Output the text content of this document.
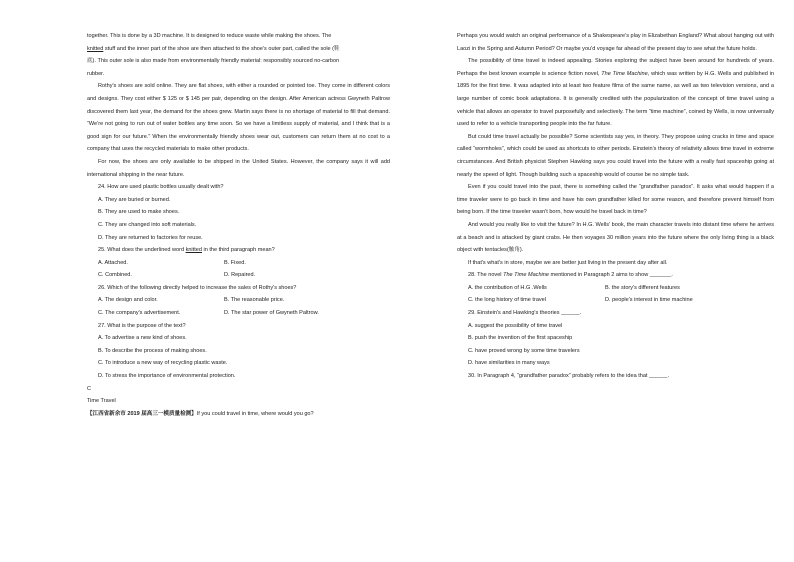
together. This is done by a 3D machine. It is designed to reduce waste while making the shoes. The

knitted stuff and the inner part of the shoe are then attached to the shoe's outer part, called the sole (鞋

底). This outer sole is also made from environmentally friendly material: responsibly sourced no-carbon

rubber.

Rothy's shoes are sold online. They are flat shoes, with either a rounded or pointed toe. They come in different colors and designs. They cost either $ 125 or $ 145 per pair, depending on the design. After American actress Gwyneth Paltrow discovered them last year, the demand for the shoes grew. Martin says there is no shortage of material to fill that demand. “We’re not going to run out of water bottles any time soon. So we have a limitless supply of material, and I think that is a good sign for our future.” When the environmentally friendly shoes wear out, customers can return them at no cost to a company that uses the recycled materials to make other products.

For now, the shoes are only available to be shipped in the United States. However, the company says it will add international shipping in the near future.

24. How are used plastic bottles usually dealt with?

A. They are buried or burned.

B. They are used to make shoes.

C. They are changed into soft materials.

D. They are returned to factories for reuse.

25. What does the underlined word knitted in the third paragraph mean?

A. Attached.	B. Fixed.
C. Combined.	D. Repaired.

26. Which of the following directly helped to increase the sales of Rothy's shoes?

A. The design and color.	B. The reasonable price.
C. The company's advertisement.	D. The star power of Gwyneth Paltrow.

27. What is the purpose of the text?

A. To advertise a new kind of shoes.

B. To describe the process of making shoes.

C. To introduce a new way of recycling plastic waste.

D. To stress the importance of environmental protection.

C

Time Travel

【江西省新余市 2019 届高三一模质量检测】If you could travel in time, where would you go?

Perhaps you would watch an original performance of a Shakespeare's play in Elizabethan England? What about hanging out with Laozi in the Spring and Autumn Period? Or maybe you'd voyage far ahead of the present day to see what the future holds.

The possibility of time travel is indeed appealing. Stories exploring the subject have been around for hundreds of years. Perhaps the best known example is science fiction novel, The Time Machine, which was written by H.G. Wells and published in 1895 for the first time. It was adapted into at least two feature films of the same name, as well as two television versions, and a large number of comic book adaptations. It is generally credited with the popularization of the concept of time travel using a vehicle that allows an operator to travel purposefully and selectively. The term “time machine”, coined by Wells, is now universally used to refer to a vehicle transporting people into the far future.

But could time travel actually be possible? Some scientists say yes, in theory. They propose using cracks in time and space called “wormholes”, which could be used as shortcuts to other periods. Einstein's theory of relativity allows time travel in extreme circumstances. And British physicist Stephen Hawking says you could travel into the future with a really fast spaceship going at nearly the speed of light. Though building such a spaceship would of course be no simple task.

Even if you could travel into the past, there is something called the “grandfather paradox”. It asks what would happen if a time traveler were to go back in time and have his own grandfather killed for some reason, and therefore prevent himself from being born. If the time traveler wasn't born, how would he travel back in time?

And would you really like to visit the future? In H.G. Wells' book, the main character travels into distant time where he arrives at a beach and is attacked by giant crabs. He then voyages 30 million years into the future where the only living thing is a black object with tentacles(触角).

If that's what's in store, maybe we are better just living in the present day after all.

28. The novel The Time Machine mentioned in Paragraph 2 aims to show _______.

A. the contribution of H.G .Wells	B. the story's different features
C. the long history of time travel	D. people's interest in time machine

29. Einstein's and Hawking's theories ______.

A. suggest the possibility of time travel

B. push the invention of the first spaceship

C. have proved wrong by some time travelers

D. have similarities in many ways

30. In Paragraph 4, “grandfather paradox” probably refers to the idea that ______.
